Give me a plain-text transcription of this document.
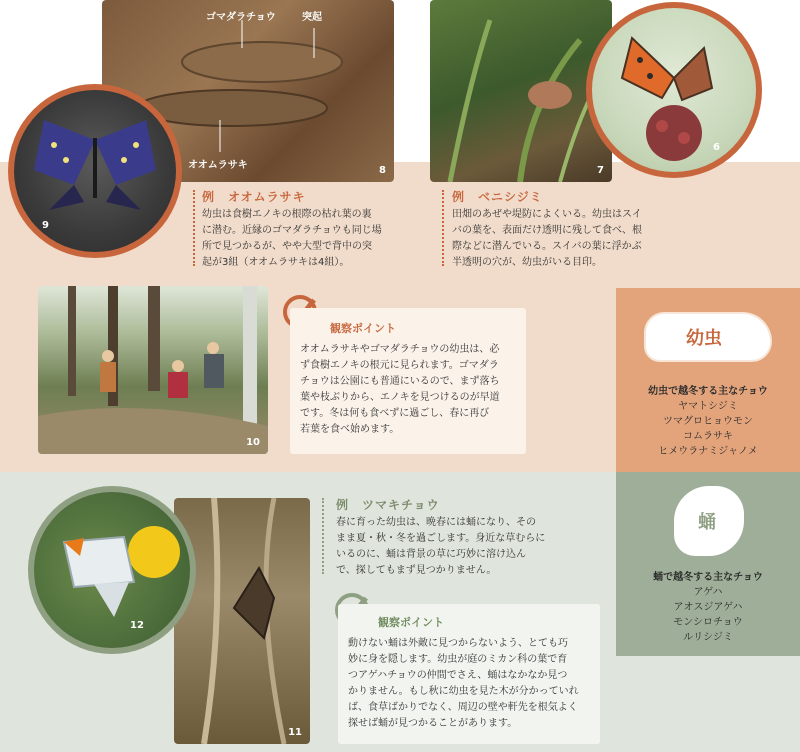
ゴマダラチョウ	突起
オオムラサキ	8
9
7
6
例　オオムラサキ
幼虫は食樹エノキの根際の枯れ葉の裏
に潜む。近縁のゴマダラチョウも同じ場
所で見つかるが、やや大型で背中の突
起が3組（オオムラサキは4組）。
例　ベニシジミ
田畑のあぜや堤防によくいる。幼虫はスイ
バの葉を、表面だけ透明に残して食べ、根
際などに潜んでいる。スイバの葉に浮かぶ
半透明の穴が、幼虫がいる目印。
10
観察ポイント
オオムラサキやゴマダラチョウの幼虫は、必
ず食樹エノキの根元に見られます。ゴマダラ
チョウは公園にも普通にいるので、まず落ち
葉や枝ぶりから、エノキを見つけるのが早道
です。冬は何も食べずに過ごし、春に再び
若葉を食べ始めます。
幼虫
幼虫で越冬する主なチョウ
ヤマトシジミ
ツマグロヒョウモン
コムラサキ
ヒメウラナミジャノメ
11
12
例　ツマキチョウ
春に育った幼虫は、晩春には蛹になり、その
まま夏・秋・冬を過ごします。身近な草むらに
いるのに、蛹は背景の草に巧妙に溶け込ん
で、探してもまず見つかりません。
観察ポイント
動けない蛹は外敵に見つからないよう、とても巧
妙に身を隠します。幼虫が庭のミカン科の葉で育
つアゲハチョウの仲間でさえ、蛹はなかなか見つ
かりません。もし秋に幼虫を見た木が分かっていれ
ば、食草ばかりでなく、周辺の壁や軒先を根気よく
探せば蛹が見つかることがあります。
蛹
蛹で越冬する主なチョウ
アゲハ
アオスジアゲハ
モンシロチョウ
ルリシジミ
